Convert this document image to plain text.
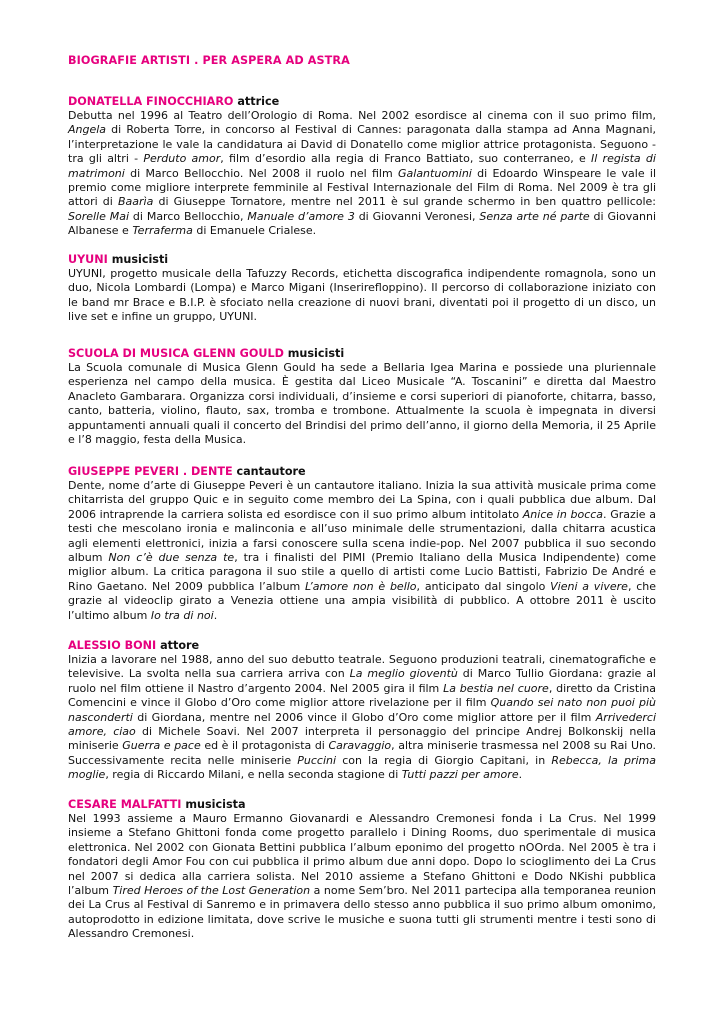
BIOGRAFIE ARTISTI . PER ASPERA AD ASTRA
DONATELLA FINOCCHIARO attrice

Debutta nel 1996 al Teatro dell’Orologio di Roma. Nel 2002 esordisce al cinema con il suo primo film, Angela di Roberta Torre, in concorso al Festival di Cannes: paragonata dalla stampa ad Anna Magnani, l’interpretazione le vale la candidatura ai David di Donatello come miglior attrice protagonista. Seguono - tra gli altri - Perduto amor, film d’esordio alla regia di Franco Battiato, suo conterraneo, e Il regista di matrimoni di Marco Bellocchio. Nel 2008 il ruolo nel film Galantuomini di Edoardo Winspeare le vale il premio come migliore interprete femminile al Festival Internazionale del Film di Roma. Nel 2009 è tra gli attori di Baarìa di Giuseppe Tornatore, mentre nel 2011 è sul grande schermo in ben quattro pellicole: Sorelle Mai di Marco Bellocchio, Manuale d’amore 3 di Giovanni Veronesi, Senza arte né parte di Giovanni Albanese e Terraferma di Emanuele Crialese.

UYUNI musicisti

UYUNI, progetto musicale della Tafuzzy Records, etichetta discografica indipendente romagnola, sono un duo, Nicola Lombardi (Lompa) e Marco Migani (Inserirefloppino). Il percorso di collaborazione iniziato con le band mr Brace e B.I.P. è sfociato nella creazione di nuovi brani, diventati poi il progetto di un disco, un live set e infine un gruppo, UYUNI.

SCUOLA DI MUSICA GLENN GOULD musicisti

La Scuola comunale di Musica Glenn Gould ha sede a Bellaria Igea Marina e possiede una pluriennale esperienza nel campo della musica. È gestita dal Liceo Musicale “A. Toscanini” e diretta dal Maestro Anacleto Gambarara. Organizza corsi individuali, d’insieme e corsi superiori di pianoforte, chitarra, basso, canto, batteria, violino, flauto, sax, tromba e trombone. Attualmente la scuola è impegnata in diversi appuntamenti annuali quali il concerto del Brindisi del primo dell’anno, il giorno della Memoria, il 25 Aprile e l’8 maggio, festa della Musica.

GIUSEPPE PEVERI . DENTE cantautore

Dente, nome d’arte di Giuseppe Peveri è un cantautore italiano. Inizia la sua attività musicale prima come chitarrista del gruppo Quic e in seguito come membro dei La Spina, con i quali pubblica due album. Dal 2006 intraprende la carriera solista ed esordisce con il suo primo album intitolato Anice in bocca. Grazie a testi che mescolano ironia e malinconia e all’uso minimale delle strumentazioni, dalla chitarra acustica agli elementi elettronici, inizia a farsi conoscere sulla scena indie-pop. Nel 2007 pubblica il suo secondo album Non c’è due senza te, tra i finalisti del PIMI (Premio Italiano della Musica Indipendente) come miglior album. La critica paragona il suo stile a quello di artisti come Lucio Battisti, Fabrizio De André e Rino Gaetano. Nel 2009 pubblica l’album L’amore non è bello, anticipato dal singolo Vieni a vivere, che grazie al videoclip girato a Venezia ottiene una ampia visibilità di pubblico. A ottobre 2011 è uscito l’ultimo album Io tra di noi.

ALESSIO BONI attore

Inizia a lavorare nel 1988, anno del suo debutto teatrale. Seguono produzioni teatrali, cinematografiche e televisive. La svolta nella sua carriera arriva con La meglio gioventù di Marco Tullio Giordana: grazie al ruolo nel film ottiene il Nastro d’argento 2004. Nel 2005 gira il film La bestia nel cuore, diretto da Cristina Comencini e vince il Globo d’Oro come miglior attore rivelazione per il film Quando sei nato non puoi più nasconderti di Giordana, mentre nel 2006 vince il Globo d’Oro come miglior attore per il film Arrivederci amore, ciao di Michele Soavi. Nel 2007 interpreta il personaggio del principe Andrej Bolkonskij nella miniserie Guerra e pace ed è il protagonista di Caravaggio, altra miniserie trasmessa nel 2008 su Rai Uno. Successivamente recita nelle miniserie Puccini con la regia di Giorgio Capitani, in Rebecca, la prima moglie, regia di Riccardo Milani, e nella seconda stagione di Tutti pazzi per amore.

CESARE MALFATTI musicista

Nel 1993 assieme a Mauro Ermanno Giovanardi e Alessandro Cremonesi fonda i La Crus. Nel 1999 insieme a Stefano Ghittoni fonda come progetto parallelo i Dining Rooms, duo sperimentale di musica elettronica. Nel 2002 con Gionata Bettini pubblica l’album eponimo del progetto nOOrda. Nel 2005 è tra i fondatori degli Amor Fou con cui pubblica il primo album due anni dopo. Dopo lo scioglimento dei La Crus nel 2007 si dedica alla carriera solista. Nel 2010 assieme a Stefano Ghittoni e Dodo NKishi pubblica l’album Tired Heroes of the Lost Generation a nome Sem’bro. Nel 2011 partecipa alla temporanea reunion dei La Crus al Festival di Sanremo e in primavera dello stesso anno pubblica il suo primo album omonimo, autoprodotto in edizione limitata, dove scrive le musiche e suona tutti gli strumenti mentre i testi sono di Alessandro Cremonesi.
